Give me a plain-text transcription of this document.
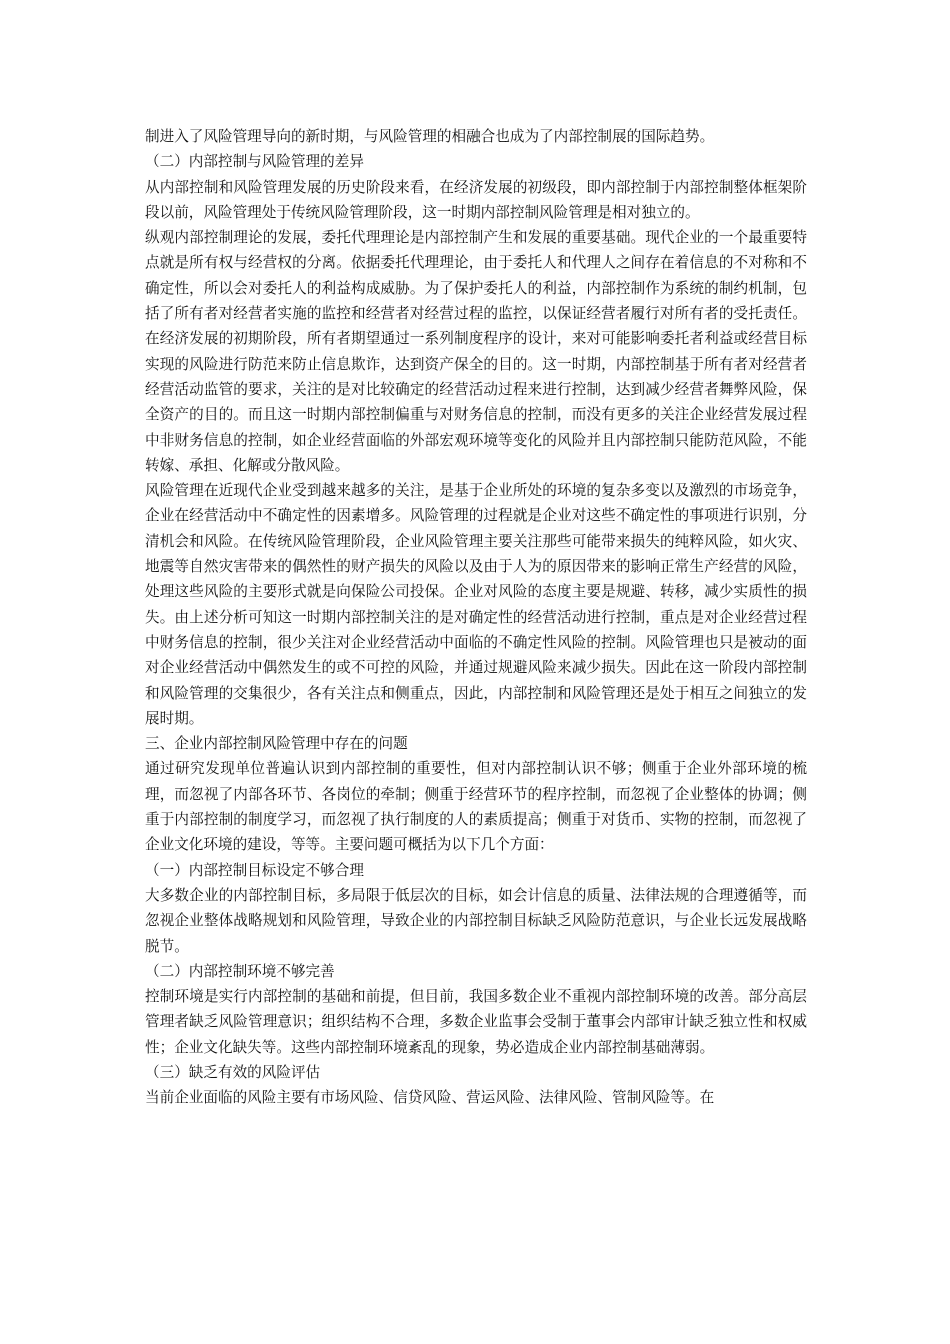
制进入了风险管理导向的新时期，与风险管理的相融合也成为了内部控制展的国际趋势。

（二）内部控制与风险管理的差异

从内部控制和风险管理发展的历史阶段来看，在经济发展的初级段，即内部控制于内部控制整体框架阶段以前，风险管理处于传统风险管理阶段，这一时期内部控制风险管理是相对独立的。

纵观内部控制理论的发展，委托代理理论是内部控制产生和发展的重要基础。现代企业的一个最重要特点就是所有权与经营权的分离。依据委托代理理论，由于委托人和代理人之间存在着信息的不对称和不确定性，所以会对委托人的利益构成威胁。为了保护委托人的利益，内部控制作为系统的制约机制，包括了所有者对经营者实施的监控和经营者对经营过程的监控，以保证经营者履行对所有者的受托责任。在经济发展的初期阶段，所有者期望通过一系列制度程序的设计，来对可能影响委托者利益或经营目标实现的风险进行防范来防止信息欺诈，达到资产保全的目的。这一时期，内部控制基于所有者对经营者经营活动监管的要求，关注的是对比较确定的经营活动过程来进行控制，达到减少经营者舞弊风险，保全资产的目的。而且这一时期内部控制偏重与对财务信息的控制，而没有更多的关注企业经营发展过程中非财务信息的控制，如企业经营面临的外部宏观环境等变化的风险并且内部控制只能防范风险，不能转嫁、承担、化解或分散风险。

风险管理在近现代企业受到越来越多的关注，是基于企业所处的环境的复杂多变以及激烈的市场竞争，企业在经营活动中不确定性的因素增多。风险管理的过程就是企业对这些不确定性的事项进行识别，分清机会和风险。在传统风险管理阶段，企业风险管理主要关注那些可能带来损失的纯粹风险，如火灾、地震等自然灾害带来的偶然性的财产损失的风险以及由于人为的原因带来的影响正常生产经营的风险，处理这些风险的主要形式就是向保险公司投保。企业对风险的态度主要是规避、转移，减少实质性的损失。由上述分析可知这一时期内部控制关注的是对确定性的经营活动进行控制，重点是对企业经营过程中财务信息的控制，很少关注对企业经营活动中面临的不确定性风险的控制。风险管理也只是被动的面对企业经营活动中偶然发生的或不可控的风险，并通过规避风险来减少损失。因此在这一阶段内部控制和风险管理的交集很少，各有关注点和侧重点，因此，内部控制和风险管理还是处于相互之间独立的发展时期。

三、企业内部控制风险管理中存在的问题

通过研究发现单位普遍认识到内部控制的重要性，但对内部控制认识不够；侧重于企业外部环境的梳理，而忽视了内部各环节、各岗位的牵制；侧重于经营环节的程序控制，而忽视了企业整体的协调；侧重于内部控制的制度学习，而忽视了执行制度的人的素质提高；侧重于对货币、实物的控制，而忽视了企业文化环境的建设，等等。主要问题可概括为以下几个方面：

（一）内部控制目标设定不够合理

大多数企业的内部控制目标，多局限于低层次的目标，如会计信息的质量、法律法规的合理遵循等，而忽视企业整体战略规划和风险管理，导致企业的内部控制目标缺乏风险防范意识，与企业长远发展战略脱节。

（二）内部控制环境不够完善

控制环境是实行内部控制的基础和前提，但目前，我国多数企业不重视内部控制环境的改善。部分高层管理者缺乏风险管理意识；组织结构不合理，多数企业监事会受制于董事会内部审计缺乏独立性和权威性；企业文化缺失等。这些内部控制环境紊乱的现象，势必造成企业内部控制基础薄弱。

（三）缺乏有效的风险评估

当前企业面临的风险主要有市场风险、信贷风险、营运风险、法律风险、管制风险等。在
